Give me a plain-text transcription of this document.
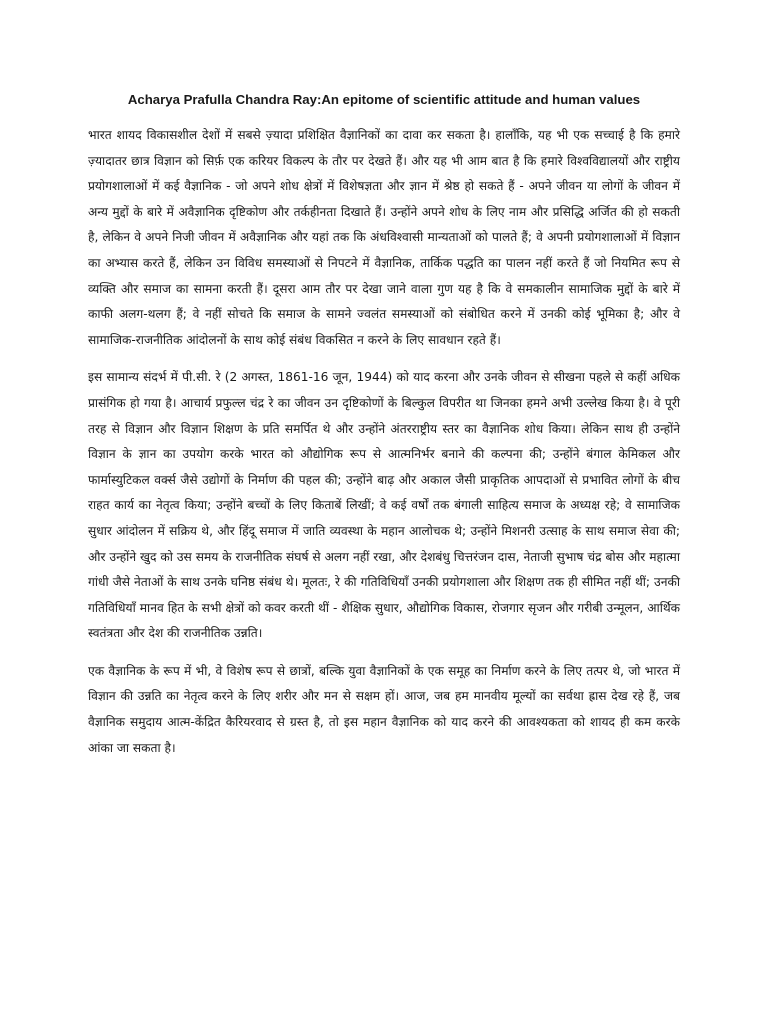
Acharya Prafulla Chandra Ray:An epitome of scientific attitude and human values

भारत शायद विकासशील देशों में सबसे ज़्यादा प्रशिक्षित वैज्ञानिकों का दावा कर सकता है। हालाँकि, यह भी एक सच्चाई है कि हमारे ज़्यादातर छात्र विज्ञान को सिर्फ़ एक करियर विकल्प के तौर पर देखते हैं। और यह भी आम बात है कि हमारे विश्वविद्यालयों और राष्ट्रीय प्रयोगशालाओं में कई वैज्ञानिक - जो अपने शोध क्षेत्रों में विशेषज्ञता और ज्ञान में श्रेष्ठ हो सकते हैं - अपने जीवन या लोगों के जीवन में अन्य मुद्दों के बारे में अवैज्ञानिक दृष्टिकोण और तर्कहीनता दिखाते हैं। उन्होंने अपने शोध के लिए नाम और प्रसिद्धि अर्जित की हो सकती है, लेकिन वे अपने निजी जीवन में अवैज्ञानिक और यहां तक कि अंधविश्वासी मान्यताओं को पालते हैं; वे अपनी प्रयोगशालाओं में विज्ञान का अभ्यास करते हैं, लेकिन उन विविध समस्याओं से निपटने में वैज्ञानिक, तार्किक पद्धति का पालन नहीं करते हैं जो नियमित रूप से व्यक्ति और समाज का सामना करती हैं। दूसरा आम तौर पर देखा जाने वाला गुण यह है कि वे समकालीन सामाजिक मुद्दों के बारे में काफी अलग-थलग हैं; वे नहीं सोचते कि समाज के सामने ज्वलंत समस्याओं को संबोधित करने में उनकी कोई भूमिका है; और वे सामाजिक-राजनीतिक आंदोलनों के साथ कोई संबंध विकसित न करने के लिए सावधान रहते हैं।

इस सामान्य संदर्भ में पी.सी. रे (2 अगस्त, 1861-16 जून, 1944) को याद करना और उनके जीवन से सीखना पहले से कहीं अधिक प्रासंगिक हो गया है। आचार्य प्रफुल्ल चंद्र रे का जीवन उन दृष्टिकोणों के बिल्कुल विपरीत था जिनका हमने अभी उल्लेख किया है। वे पूरी तरह से विज्ञान और विज्ञान शिक्षण के प्रति समर्पित थे और उन्होंने अंतरराष्ट्रीय स्तर का वैज्ञानिक शोध किया। लेकिन साथ ही उन्होंने विज्ञान के ज्ञान का उपयोग करके भारत को औद्योगिक रूप से आत्मनिर्भर बनाने की कल्पना की; उन्होंने बंगाल केमिकल और फार्मास्युटिकल वर्क्स जैसे उद्योगों के निर्माण की पहल की; उन्होंने बाढ़ और अकाल जैसी प्राकृतिक आपदाओं से प्रभावित लोगों के बीच राहत कार्य का नेतृत्व किया; उन्होंने बच्चों के लिए किताबें लिखीं; वे कई वर्षों तक बंगाली साहित्य समाज के अध्यक्ष रहे; वे सामाजिक सुधार आंदोलन में सक्रिय थे, और हिंदू समाज में जाति व्यवस्था के महान आलोचक थे; उन्होंने मिशनरी उत्साह के साथ समाज सेवा की; और उन्होंने खुद को उस समय के राजनीतिक संघर्ष से अलग नहीं रखा, और देशबंधु चित्तरंजन दास, नेताजी सुभाष चंद्र बोस और महात्मा गांधी जैसे नेताओं के साथ उनके घनिष्ठ संबंध थे। मूलतः, रे की गतिविधियाँ उनकी प्रयोगशाला और शिक्षण तक ही सीमित नहीं थीं; उनकी गतिविधियाँ मानव हित के सभी क्षेत्रों को कवर करती थीं - शैक्षिक सुधार, औद्योगिक विकास, रोजगार सृजन और गरीबी उन्मूलन, आर्थिक स्वतंत्रता और देश की राजनीतिक उन्नति।

एक वैज्ञानिक के रूप में भी, वे विशेष रूप से छात्रों, बल्कि युवा वैज्ञानिकों के एक समूह का निर्माण करने के लिए तत्पर थे, जो भारत में विज्ञान की उन्नति का नेतृत्व करने के लिए शरीर और मन से सक्षम हों। आज, जब हम मानवीय मूल्यों का सर्वथा ह्रास देख रहे हैं, जब वैज्ञानिक समुदाय आत्म-केंद्रित कैरियरवाद से ग्रस्त है, तो इस महान वैज्ञानिक को याद करने की आवश्यकता को शायद ही कम करके आंका जा सकता है।
